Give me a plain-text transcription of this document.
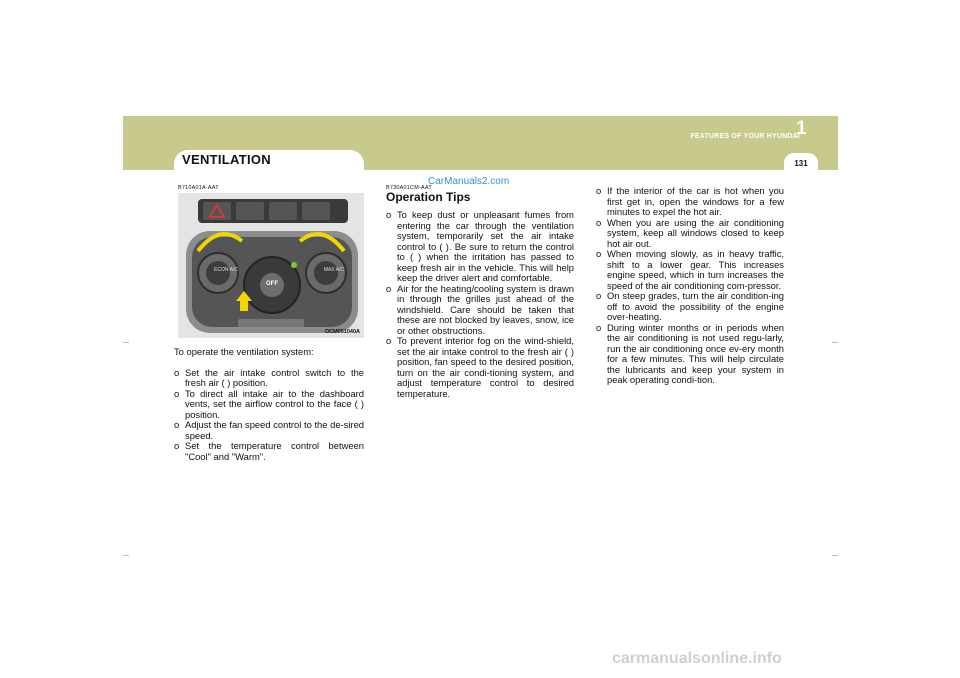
VENTILATION
FEATURES OF YOUR HYUNDAI
1
131
CarManuals2.com
B710A01A-AAT
ECON A/C	MAX A/C
OFF
OCM051040A

To operate the ventilation system:

o Set the air intake control switch to the fresh air ( ) position.
o To direct all intake air to the dashboard vents, set the airflow control to the face ( ) position.
o Adjust the fan speed control to the de-sired speed.
o Set the temperature control between "Cool" and "Warm".
B730A01CM-AAT
Operation Tips
o To keep dust or unpleasant fumes from entering the car through the ventilation system, temporarily set the air intake control to ( ). Be sure to return the control to ( ) when the irritation has passed to keep fresh air in the vehicle. This will help keep the driver alert and comfortable.
o Air for the heating/cooling system is drawn in through the grilles just ahead of the windshield. Care should be taken that these are not blocked by leaves, snow, ice or other obstructions.
o To prevent interior fog on the wind-shield, set the air intake control to the fresh air ( ) position, fan speed to the desired position, turn on the air condi-tioning system, and adjust temperature control to desired temperature.
o If the interior of the car is hot when you first get in, open the windows for a few minutes to expel the hot air.
o When you are using the air conditioning system, keep all windows closed to keep hot air out.
o When moving slowly, as in heavy traffic, shift to a lower gear. This increases engine speed, which in turn increases the speed of the air conditioning com-pressor.
o On steep grades, turn the air condition-ing off to avoid the possibility of the engine over-heating.
o During winter months or in periods when the air conditioning is not used regu-larly, run the air conditioning once ev-ery month for a few minutes. This will help circulate the lubricants and keep your system in peak operating condi-tion.
carmanualsonline.info
